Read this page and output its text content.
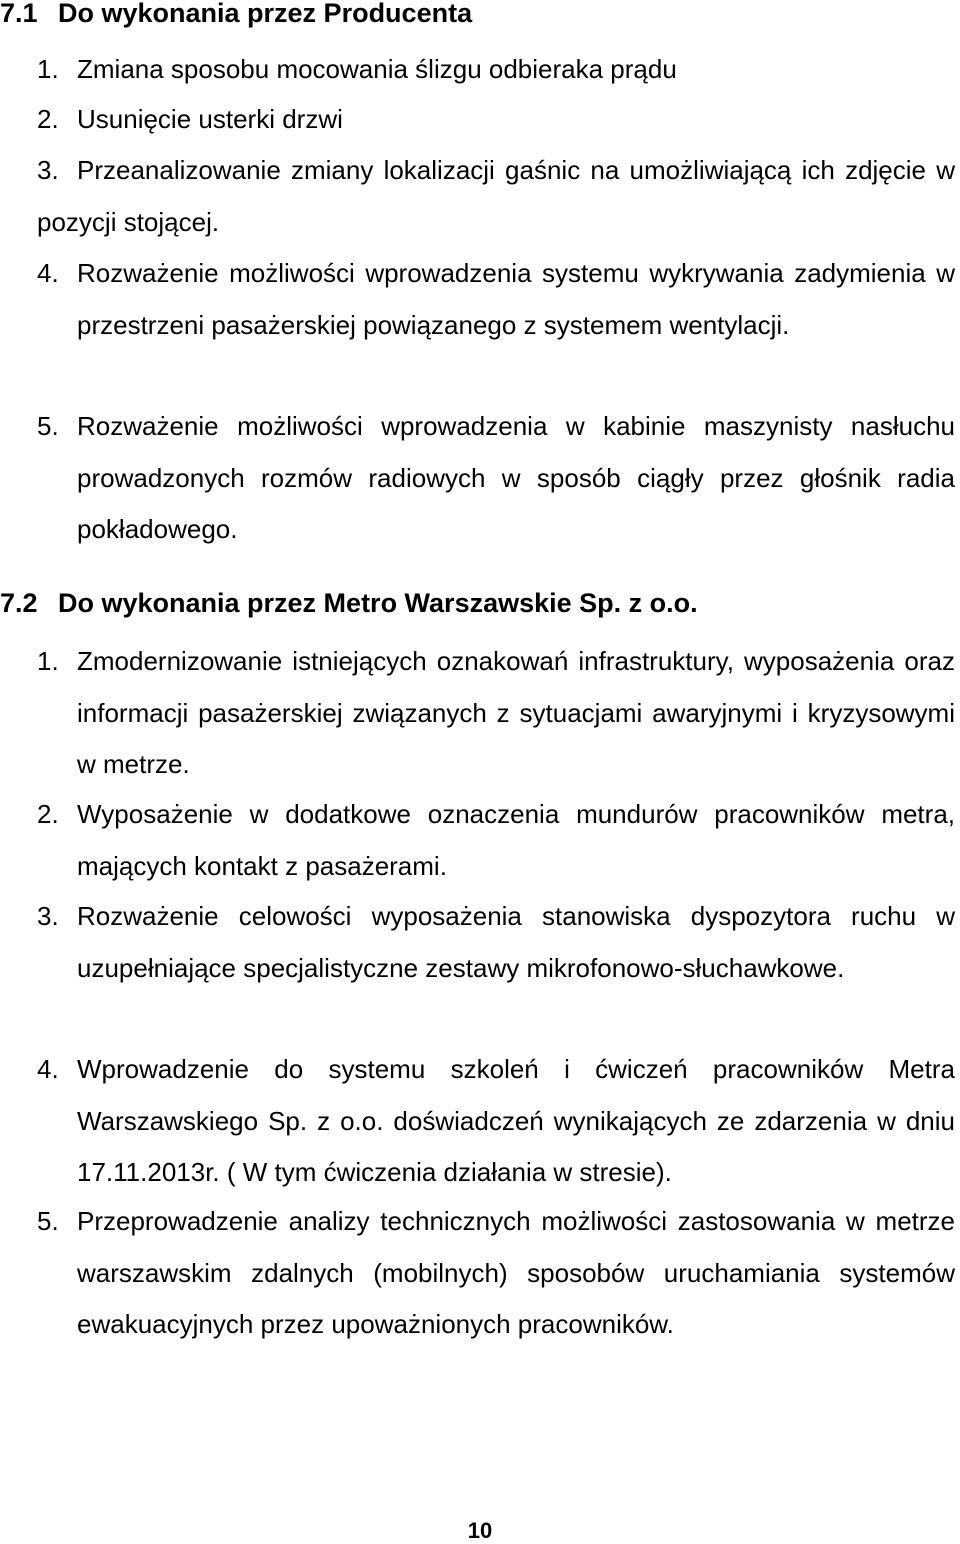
7.1 Do wykonania przez Producenta
1. Zmiana sposobu mocowania ślizgu odbieraka prądu
2. Usunięcie usterki drzwi
3. Przeanalizowanie zmiany lokalizacji gaśnic na umożliwiającą ich zdjęcie w pozycji stojącej.
4. Rozważenie możliwości wprowadzenia systemu wykrywania zadymienia w przestrzeni pasażerskiej powiązanego z systemem wentylacji.
5. Rozważenie możliwości wprowadzenia w kabinie maszynisty nasłuchu prowadzonych rozmów radiowych w sposób ciągły przez głośnik radia pokładowego.
7.2 Do wykonania przez Metro Warszawskie Sp. z o.o.
1. Zmodernizowanie istniejących oznakowań infrastruktury, wyposażenia oraz informacji pasażerskiej związanych z sytuacjami awaryjnymi i kryzysowymi w metrze.
2. Wyposażenie w dodatkowe oznaczenia mundurów pracowników metra, mających kontakt z pasażerami.
3. Rozważenie celowości wyposażenia stanowiska dyspozytora ruchu w uzupełniające specjalistyczne zestawy mikrofonowo-słuchawkowe.
4. Wprowadzenie do systemu szkoleń i ćwiczeń pracowników Metra Warszawskiego Sp. z o.o. doświadczeń wynikających ze zdarzenia w dniu 17.11.2013r. ( W tym ćwiczenia działania w stresie).
5. Przeprowadzenie analizy technicznych możliwości zastosowania w metrze warszawskim zdalnych (mobilnych) sposobów uruchamiania systemów ewakuacyjnych przez upoważnionych pracowników.
10
